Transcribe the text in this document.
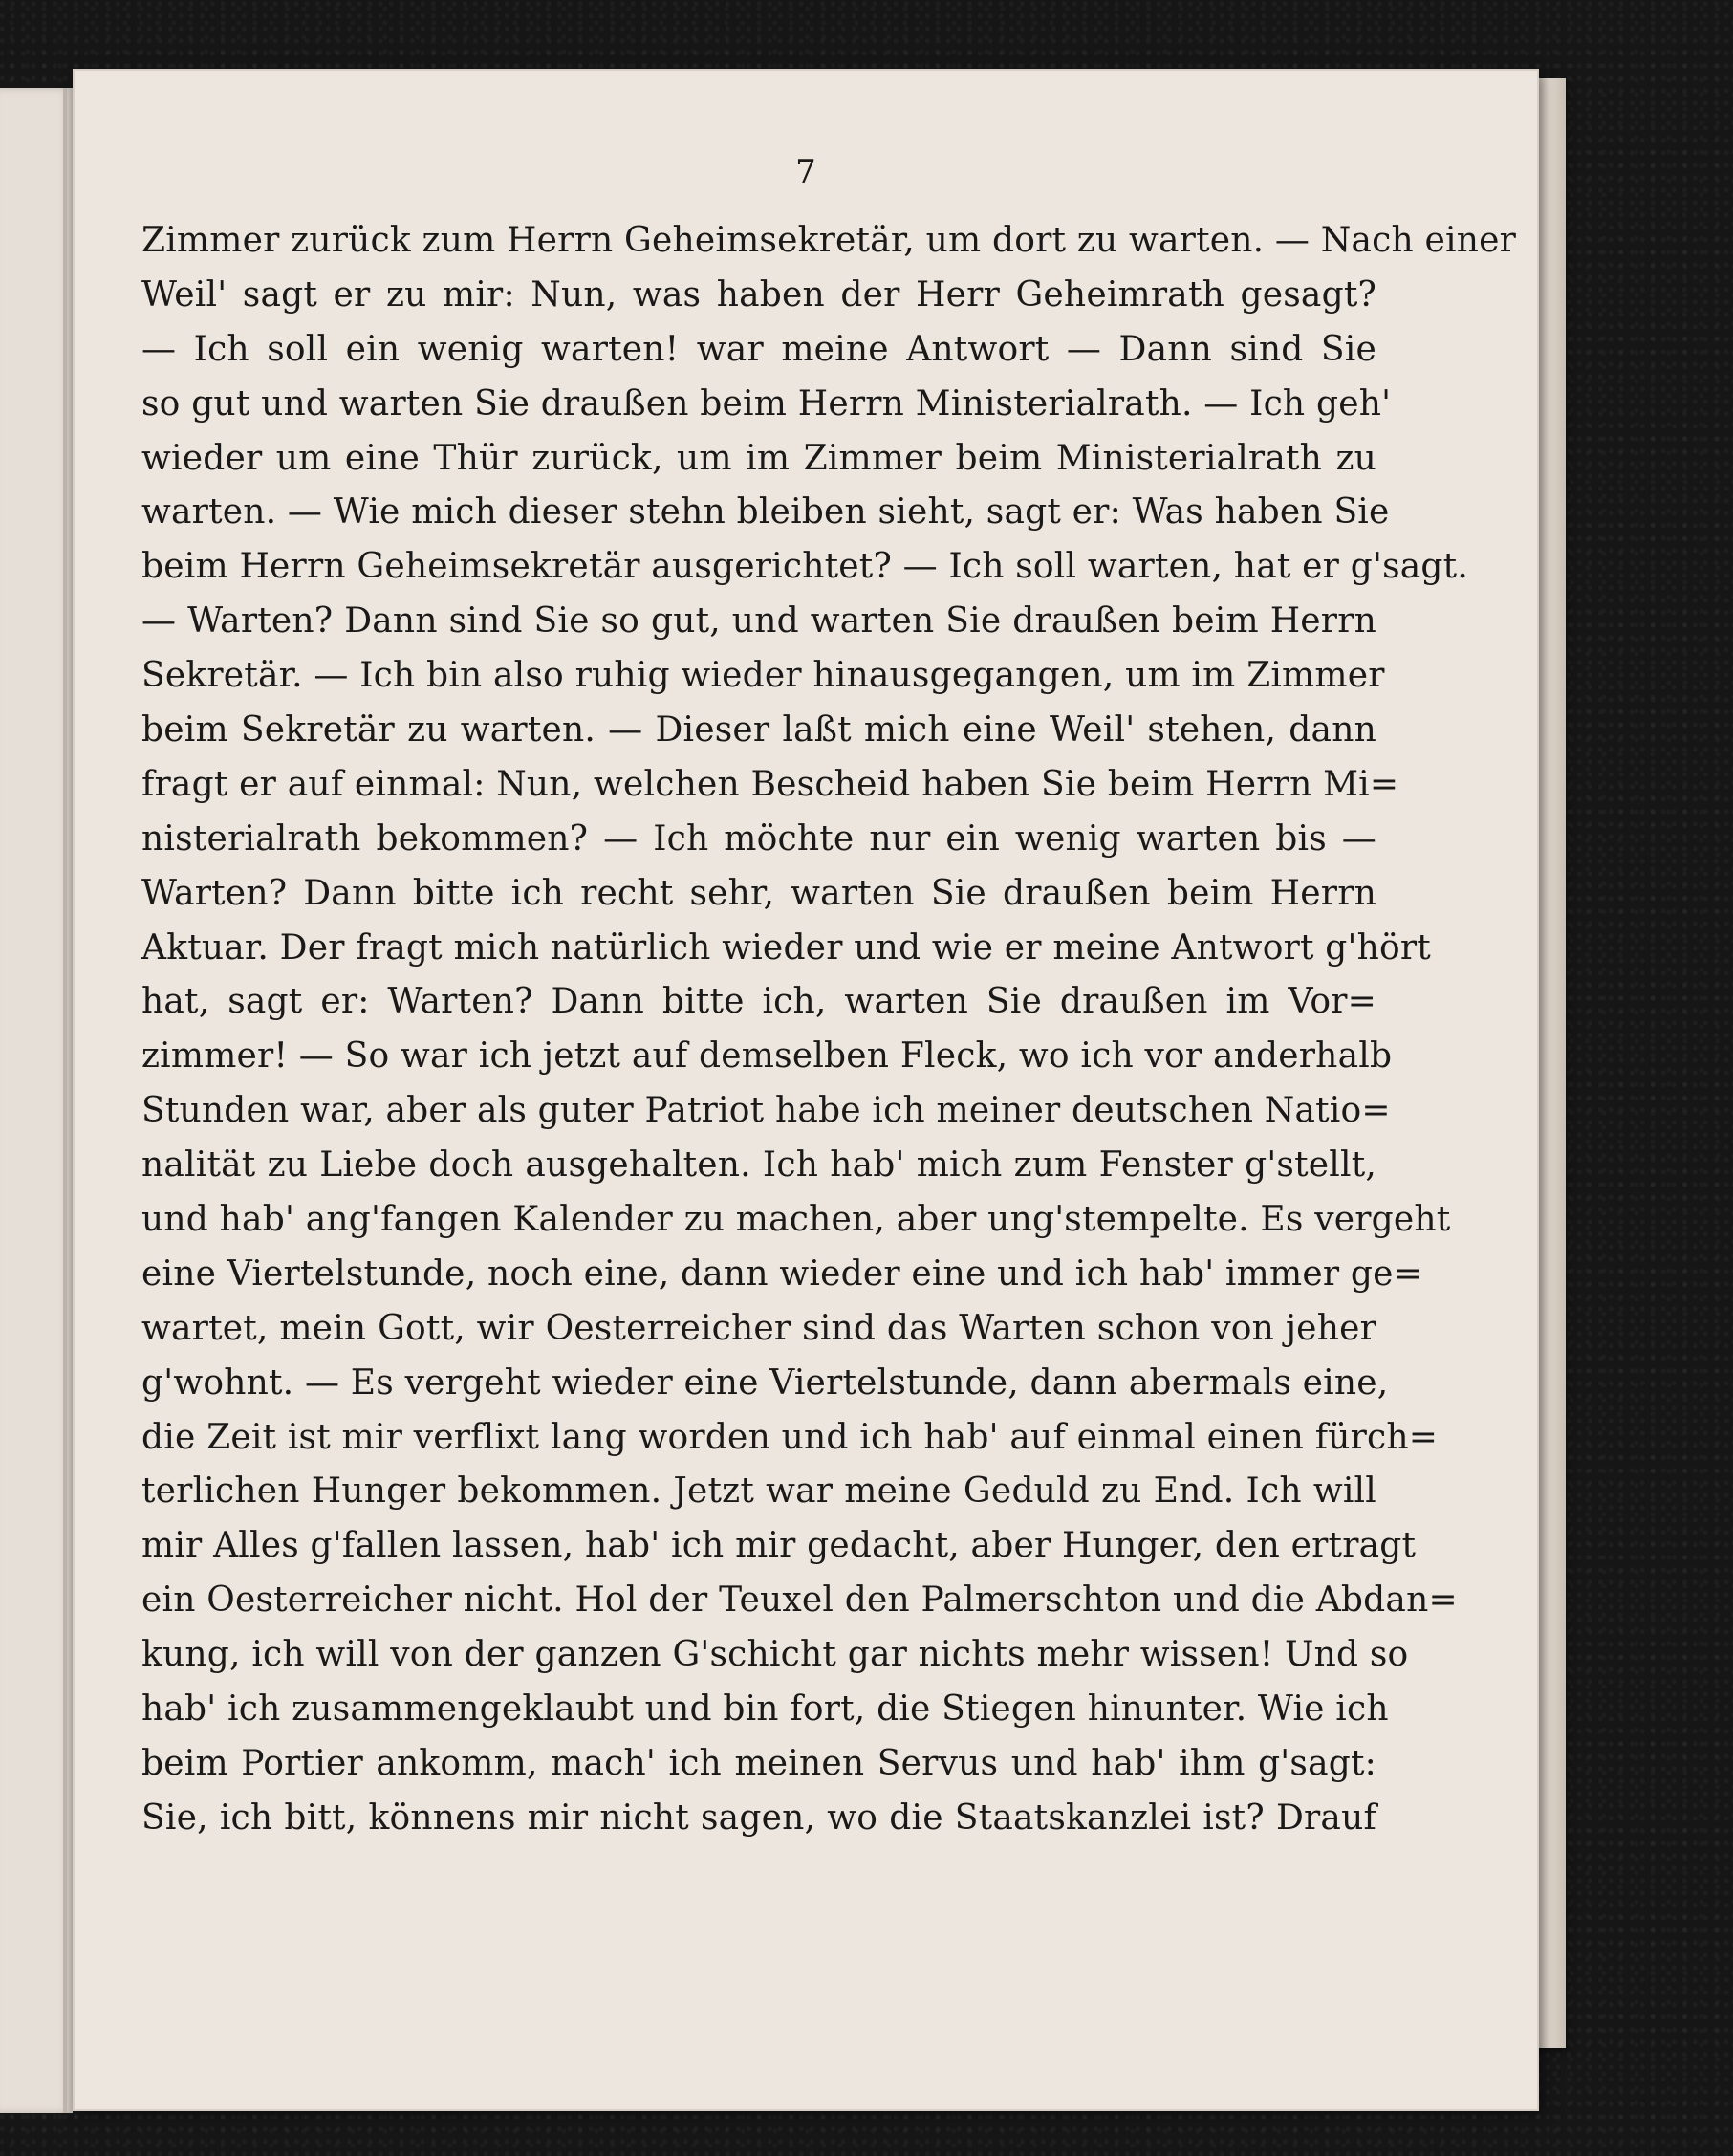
7
Zimmer zurück zum Herrn Geheimsekretär, um dort zu warten. — Nach einer
Weil' sagt er zu mir: Nun, was haben der Herr Geheimrath gesagt?
— Ich soll ein wenig warten! war meine Antwort — Dann sind Sie
so gut und warten Sie draußen beim Herrn Ministerialrath. — Ich geh'
wieder um eine Thür zurück, um im Zimmer beim Ministerialrath zu
warten. — Wie mich dieser stehn bleiben sieht, sagt er: Was haben Sie
beim Herrn Geheimsekretär ausgerichtet? — Ich soll warten, hat er g'sagt.
— Warten? Dann sind Sie so gut, und warten Sie draußen beim Herrn
Sekretär. — Ich bin also ruhig wieder hinausgegangen, um im Zimmer
beim Sekretär zu warten. — Dieser laßt mich eine Weil' stehen, dann
fragt er auf einmal: Nun, welchen Bescheid haben Sie beim Herrn Mi=
nisterialrath bekommen? — Ich möchte nur ein wenig warten bis —
Warten? Dann bitte ich recht sehr, warten Sie draußen beim Herrn
Aktuar. Der fragt mich natürlich wieder und wie er meine Antwort g'hört
hat, sagt er: Warten? Dann bitte ich, warten Sie draußen im Vor=
zimmer! — So war ich jetzt auf demselben Fleck, wo ich vor anderhalb
Stunden war, aber als guter Patriot habe ich meiner deutschen Natio=
nalität zu Liebe doch ausgehalten. Ich hab' mich zum Fenster g'stellt,
und hab' ang'fangen Kalender zu machen, aber ung'stempelte. Es vergeht
eine Viertelstunde, noch eine, dann wieder eine und ich hab' immer ge=
wartet, mein Gott, wir Oesterreicher sind das Warten schon von jeher
g'wohnt. — Es vergeht wieder eine Viertelstunde, dann abermals eine,
die Zeit ist mir verflixt lang worden und ich hab' auf einmal einen fürch=
terlichen Hunger bekommen. Jetzt war meine Geduld zu End. Ich will
mir Alles g'fallen lassen, hab' ich mir gedacht, aber Hunger, den ertragt
ein Oesterreicher nicht. Hol der Teuxel den Palmerschton und die Abdan=
kung, ich will von der ganzen G'schicht gar nichts mehr wissen! Und so
hab' ich zusammengeklaubt und bin fort, die Stiegen hinunter. Wie ich
beim Portier ankomm, mach' ich meinen Servus und hab' ihm g'sagt:
Sie, ich bitt, könnens mir nicht sagen, wo die Staatskanzlei ist? Drauf
